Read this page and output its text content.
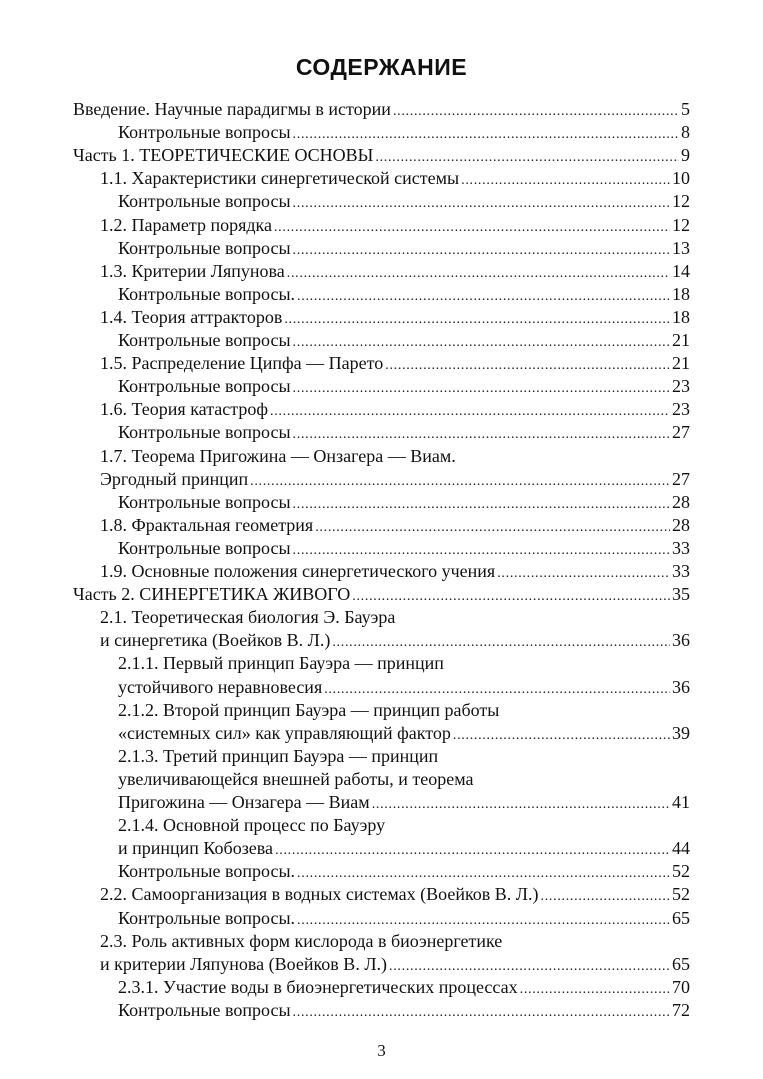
СОДЕРЖАНИЕ
Введение. Научные парадигмы в истории . . .	5
Контрольные вопросы . . .	8
Часть 1. ТЕОРЕТИЧЕСКИЕ ОСНОВЫ . . .	9
1.1. Характеристики синергетической системы . . .	10
Контрольные вопросы . . .	12
1.2. Параметр порядка . . .	12
Контрольные вопросы . . .	13
1.3. Критерии Ляпунова . . .	14
Контрольные вопросы. . . .	18
1.4. Теория аттракторов . . .	18
Контрольные вопросы . . .	21
1.5. Распределение Ципфа — Парето . . .	21
Контрольные вопросы . . .	23
1.6. Теория катастроф . . .	23
Контрольные вопросы . . .	27
1.7. Теорема Пригожина — Онзагера — Виам.
Эргодный принцип . . .	27
Контрольные вопросы . . .	28
1.8. Фрактальная геометрия . . .	28
Контрольные вопросы . . .	33
1.9. Основные положения синергетического учения . . .	33
Часть 2. СИНЕРГЕТИКА ЖИВОГО . . .	35
2.1. Теоретическая биология Э. Бауэра
и синергетика (Воейков В. Л.) . . .	36
2.1.1. Первый принцип Бауэра — принцип
устойчивого неравновесия . . .	36
2.1.2. Второй принцип Бауэра — принцип работы
«системных сил» как управляющий фактор . . .	39
2.1.3. Третий принцип Бауэра — принцип
увеличивающейся внешней работы, и теорема
Пригожина — Онзагера — Виам . . .	41
2.1.4. Основной процесс по Бауэру
и принцип Кобозева . . .	44
Контрольные вопросы. . . .	52
2.2. Самоорганизация в водных системах (Воейков В. Л.) . . .	52
Контрольные вопросы. . . .	65
2.3. Роль активных форм кислорода в биоэнергетике
и критерии Ляпунова (Воейков В. Л.) . . .	65
2.3.1. Участие воды в биоэнергетических процессах . . .	70
Контрольные вопросы . . .	72
3
